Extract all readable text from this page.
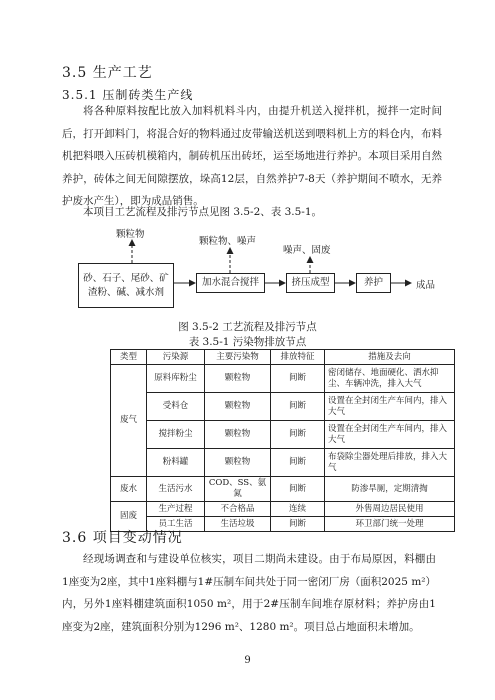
3.5 生产工艺
3.5.1 压制砖类生产线
将各种原料按配比放入加料机料斗内，由提升机送入搅拌机，搅拌一定时间后，打开卸料门，将混合好的物料通过皮带输送机送到喂料机上方的料仓内，布料机把料喂入压砖机模箱内，制砖机压出砖坯，运至场地进行养护。本项目采用自然养护，砖体之间无间隙摆放，垛高12层，自然养护7-8天（养护期间不喷水，无养护废水产生），即为成品销售。
本项目工艺流程及排污节点见图 3.5-2、表 3.5-1。
颗粒物
颗粒物、噪声
噪声、固废
砂、石子、尾砂、矿渣粉、碱、减水剂
加水混合搅拌	挤压成型	养护	成品
图 3.5-2 工艺流程及排污节点
表 3.5-1 污染物排放节点
类型	污染源	主要污染物	排放特征	措施及去向
废气	原料库粉尘	颗粒物	间断	密闭储存、地面硬化、洒水抑尘、车辆冲洗，排入大气
	受料仓	颗粒物	间断	设置在全封闭生产车间内，排入大气
	搅拌粉尘	颗粒物	间断	设置在全封闭生产车间内，排入大气
	粉料罐	颗粒物	间断	布袋除尘器处理后排放，排入大气
废水	生活污水	COD、SS、氨氮	间断	防渗旱厕，定期清掏
固废	生产过程	不合格品	连续	外售周边居民使用
	员工生活	生活垃圾	间断	环卫部门统一处理
3.6 项目变动情况
经现场调查和与建设单位核实，项目二期尚未建设。由于布局原因，料棚由1座变为2座，其中1座料棚与1#压制车间共处于同一密闭厂房（面积2025 m²）内，另外1座料棚建筑面积1050 m²，用于2#压制车间堆存原材料；养护房由1座变为2座，建筑面积分别为1296 m²、1280 m²。项目总占地面积未增加。
9
